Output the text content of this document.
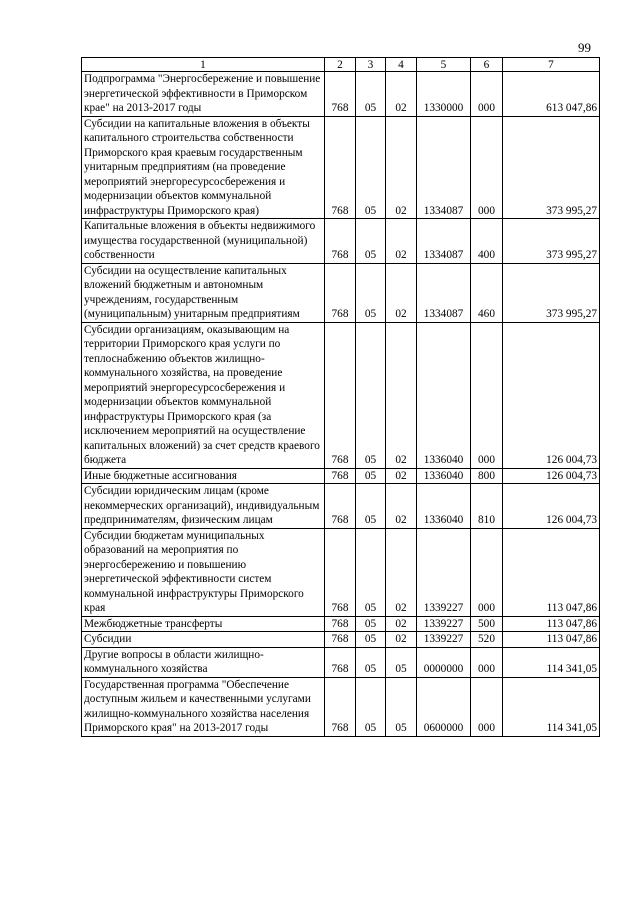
99
1	2	3	4	5	6	7
Подпрограмма "Энергосбережение и повышение энергетической эффективности в Приморском крае" на 2013-2017 годы	768	05	02	1330000	000	613 047,86
Субсидии на капитальные вложения в объекты капитального строительства собственности Приморского края краевым государственным унитарным предприятиям (на проведение мероприятий энергоресурсосбережения и модернизации объектов коммунальной инфраструктуры Приморского края)	768	05	02	1334087	000	373 995,27
Капитальные вложения в объекты недвижимого имущества государственной (муниципальной) собственности	768	05	02	1334087	400	373 995,27
Субсидии на осуществление капитальных вложений бюджетным и автономным учреждениям, государственным (муниципальным) унитарным предприятиям	768	05	02	1334087	460	373 995,27
Субсидии организациям, оказывающим на территории Приморского края услуги по теплоснабжению объектов жилищно-коммунального хозяйства, на проведение мероприятий энергоресурсосбережения и модернизации объектов коммунальной инфраструктуры Приморского края (за исключением мероприятий на осуществление капитальных вложений) за счет средств краевого бюджета	768	05	02	1336040	000	126 004,73
Иные бюджетные ассигнования	768	05	02	1336040	800	126 004,73
Субсидии юридическим лицам (кроме некоммерческих организаций), индивидуальным предпринимателям, физическим лицам	768	05	02	1336040	810	126 004,73
Субсидии бюджетам муниципальных образований на мероприятия по энергосбережению и повышению энергетической эффективности систем коммунальной инфраструктуры Приморского края	768	05	02	1339227	000	113 047,86
Межбюджетные трансферты	768	05	02	1339227	500	113 047,86
Субсидии	768	05	02	1339227	520	113 047,86
Другие вопросы в области жилищно-коммунального хозяйства	768	05	05	0000000	000	114 341,05
Государственная программа "Обеспечение доступным жильем и качественными услугами жилищно-коммунального хозяйства населения Приморского края" на 2013-2017 годы	768	05	05	0600000	000	114 341,05
